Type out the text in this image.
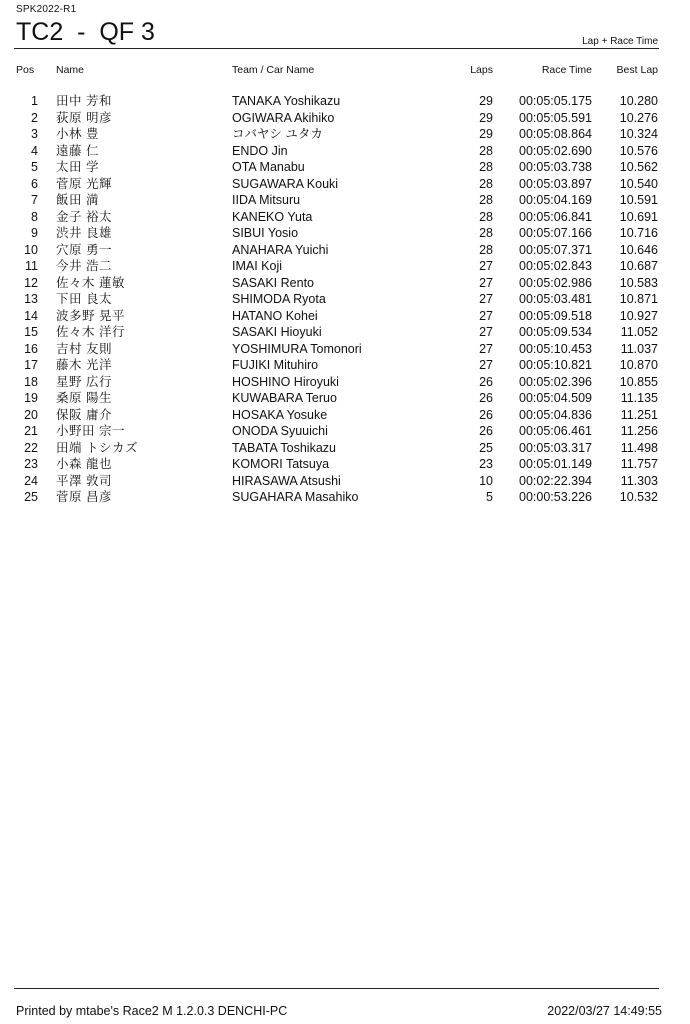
SPK2022-R1
TC2  -  QF 3	Lap + Race Time
Pos Name	Team / Car Name	Laps	Race Time Best Lap
1 田中 芳和	TANAKA Yoshikazu	29 00:05:05.175 10.280
2 荻原 明彦	OGIWARA Akihiko	29 00:05:05.591 10.276
3 小林 豊	コバヤシ ユタカ	29 00:05:08.864 10.324
4 遠藤 仁	ENDO Jin	28 00:05:02.690 10.576
5 太田 学	OTA Manabu	28 00:05:03.738 10.562
6 菅原 光輝	SUGAWARA Kouki	28 00:05:03.897 10.540
7 飯田 満	IIDA Mitsuru	28 00:05:04.169 10.591
8 金子 裕太	KANEKO Yuta	28 00:05:06.841 10.691
9 渋井 良雄	SIBUI Yosio	28 00:05:07.166 10.716
10 穴原 勇一	ANAHARA Yuichi	28 00:05:07.371 10.646
11 今井 浩二	IMAI Koji	27 00:05:02.843 10.687
12 佐々木 蓮敏	SASAKI Rento	27 00:05:02.986 10.583
13 下田 良太	SHIMODA Ryota	27 00:05:03.481 10.871
14 波多野 晃平	HATANO Kohei	27 00:05:09.518 10.927
15 佐々木 洋行	SASAKI Hioyuki	27 00:05:09.534 11.052
16 吉村 友則	YOSHIMURA Tomonori	27 00:05:10.453 11.037
17 藤木 光洋	FUJIKI Mituhiro	27 00:05:10.821 10.870
18 星野 広行	HOSHINO Hiroyuki	26 00:05:02.396 10.855
19 桑原 陽生	KUWABARA Teruo	26 00:05:04.509 11.135
20 保阪 庸介	HOSAKA Yosuke	26 00:05:04.836 11.251
21 小野田 宗一	ONODA Syuuichi	26 00:05:06.461 11.256
22 田端 トシカズ	TABATA Toshikazu	25 00:05:03.317 11.498
23 小森 龍也	KOMORI Tatsuya	23 00:05:01.149 11.757
24 平澤 敦司	HIRASAWA Atsushi	10 00:02:22.394 11.303
25 菅原 昌彦	SUGAHARA Masahiko	5 00:00:53.226 10.532
Printed by mtabe's Race2 M 1.2.0.3 DENCHI-PC	2022/03/27 14:49:55
